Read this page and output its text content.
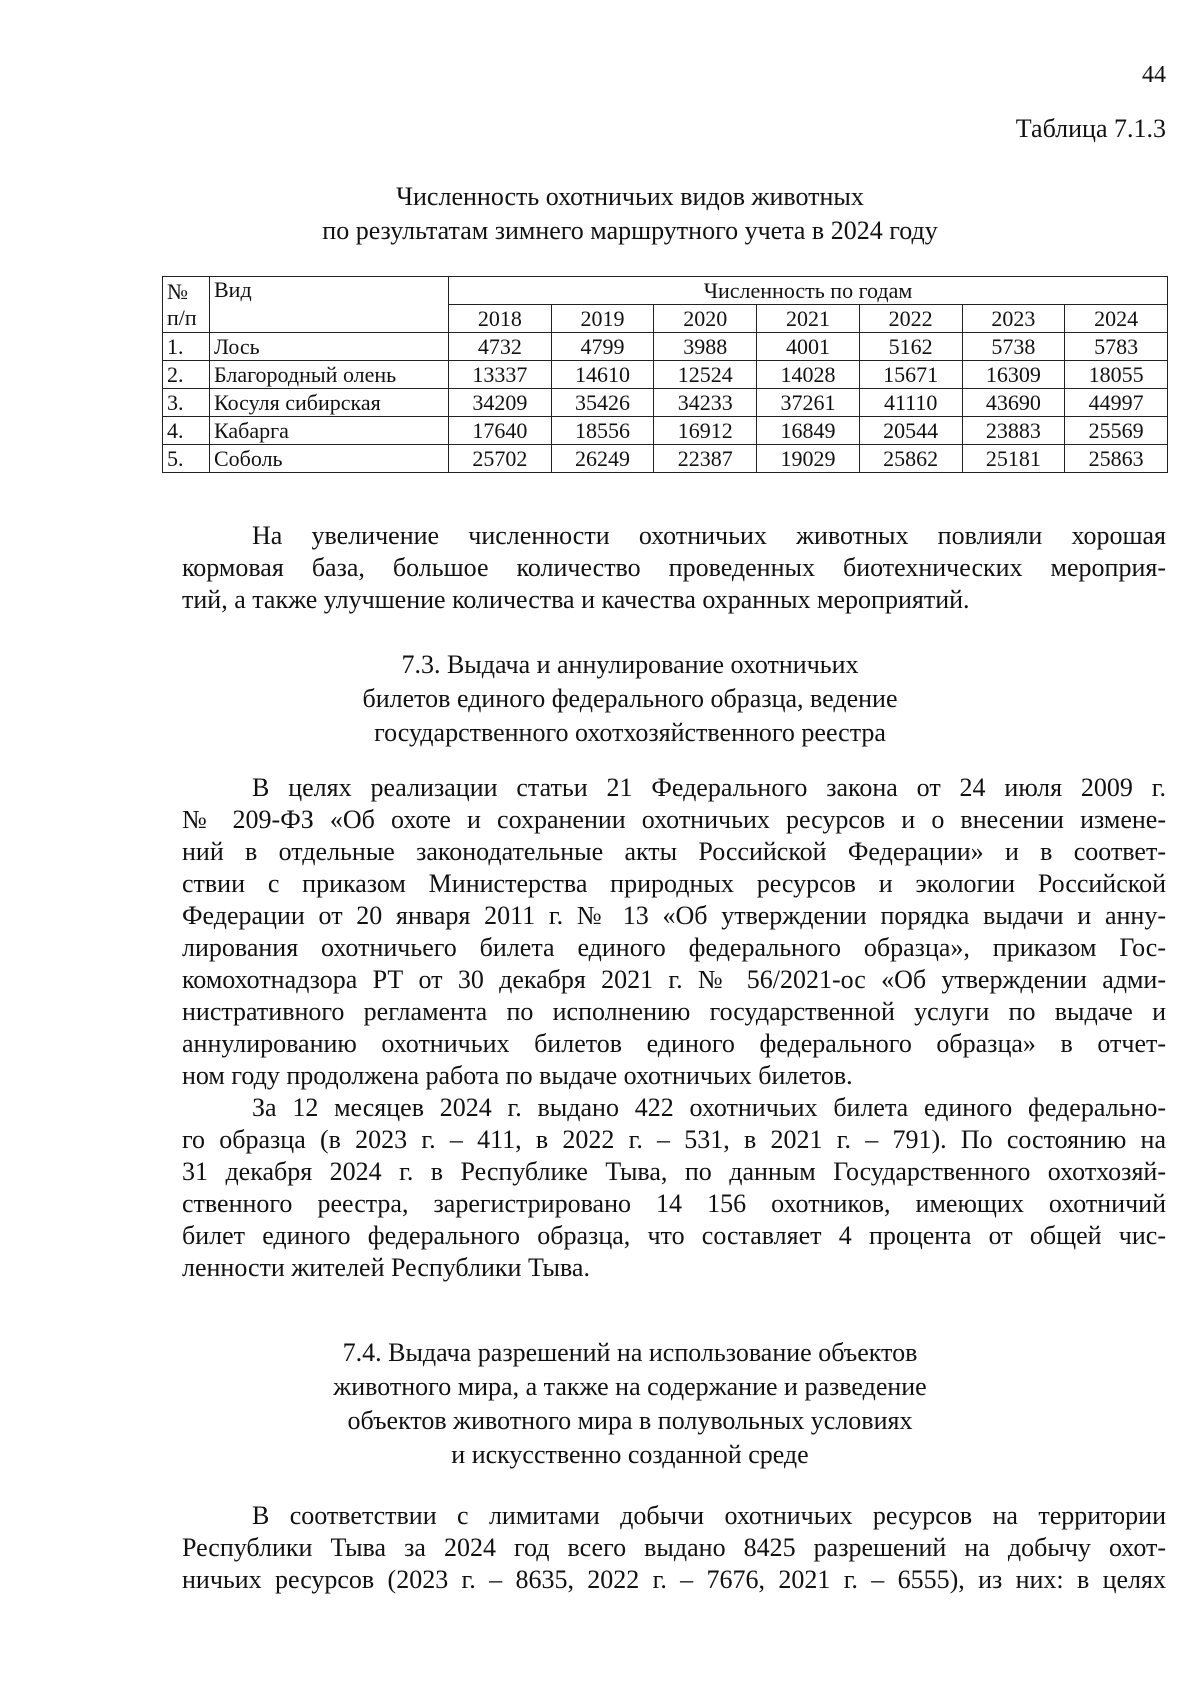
44
Таблица 7.1.3
Численность охотничьих видов животных
по результатам зимнего маршрутного учета в 2024 году
№
п/п	Вид	Численность по годам						
		2018	2019	2020	2021	2022	2023	2024
1.	Лось	4732	4799	3988	4001	5162	5738	5783
2.	Благородный олень	13337	14610	12524	14028	15671	16309	18055
3.	Косуля сибирская	34209	35426	34233	37261	41110	43690	44997
4.	Кабарга	17640	18556	16912	16849	20544	23883	25569
5.	Соболь	25702	26249	22387	19029	25862	25181	25863
На увеличение численности охотничьих животных повлияли хорошая
кормовая база, большое количество проведенных биотехнических мероприя-
тий, а также улучшение количества и качества охранных мероприятий.
7.3. Выдача и аннулирование охотничьих
билетов единого федерального образца, ведение
государственного охотхозяйственного реестра
В целях реализации статьи 21 Федерального закона от 24 июля 2009 г.
№ 209-ФЗ «Об охоте и сохранении охотничьих ресурсов и о внесении измене-
ний в отдельные законодательные акты Российской Федерации» и в соответ-
ствии с приказом Министерства природных ресурсов и экологии Российской
Федерации от 20 января 2011 г. № 13 «Об утверждении порядка выдачи и анну-
лирования охотничьего билета единого федерального образца», приказом Гос-
комохотнадзора РТ от 30 декабря 2021 г. № 56/2021-ос «Об утверждении адми-
нистративного регламента по исполнению государственной услуги по выдаче и
аннулированию охотничьих билетов единого федерального образца» в отчет-
ном году продолжена работа по выдаче охотничьих билетов.
За 12 месяцев 2024 г. выдано 422 охотничьих билета единого федерально-
го образца (в 2023 г. – 411, в 2022 г. – 531, в 2021 г. – 791). По состоянию на
31 декабря 2024 г. в Республике Тыва, по данным Государственного охотхозяй-
ственного реестра, зарегистрировано 14 156 охотников, имеющих охотничий
билет единого федерального образца, что составляет 4 процента от общей чис-
ленности жителей Республики Тыва.
7.4. Выдача разрешений на использование объектов
животного мира, а также на содержание и разведение
объектов животного мира в полувольных условиях
и искусственно созданной среде
В соответствии с лимитами добычи охотничьих ресурсов на территории
Республики Тыва за 2024 год всего выдано 8425 разрешений на добычу охот-
ничьих ресурсов (2023 г. – 8635, 2022 г. – 7676, 2021 г. – 6555), из них: в целях
